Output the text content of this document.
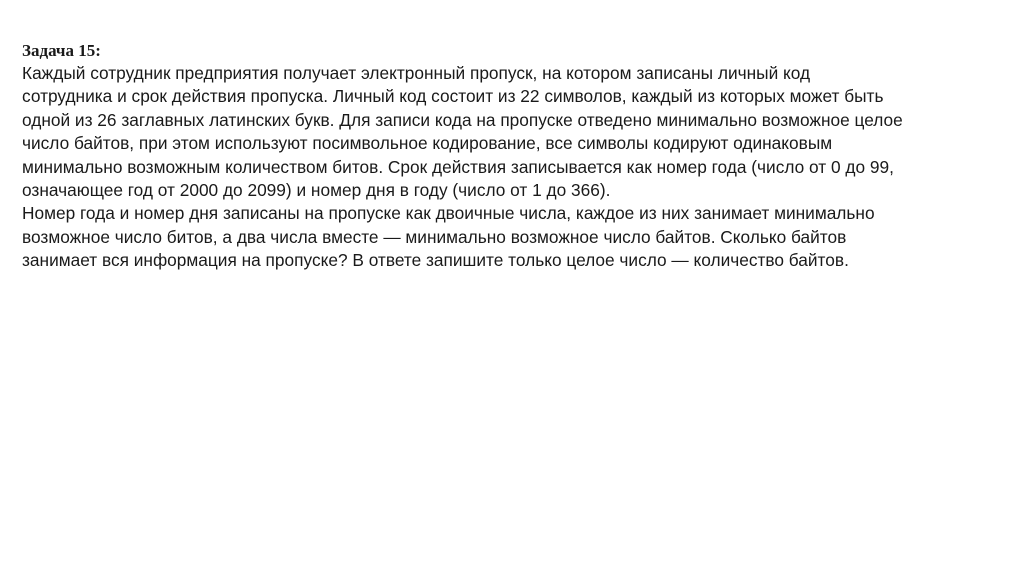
Задача 15:
Каждый сотрудник предприятия получает электронный пропуск, на котором записаны личный код
сотрудника и срок действия пропуска. Личный код состоит из 22 символов, каждый из которых может быть
одной из 26 заглавных латинских букв. Для записи кода на пропуске отведено минимально возможное целое
число байтов, при этом используют посимвольное кодирование, все символы кодируют одинаковым
минимально возможным количеством битов. Срок действия записывается как номер года (число от 0 до 99,
означающее год от 2000 до 2099) и номер дня в году (число от 1 до 366).
Номер года и номер дня записаны на пропуске как двоичные числа, каждое из них занимает минимально
возможное число битов, а два числа вместе — минимально возможное число байтов. Сколько байтов
занимает вся информация на пропуске? В ответе запишите только целое число — количество байтов.
